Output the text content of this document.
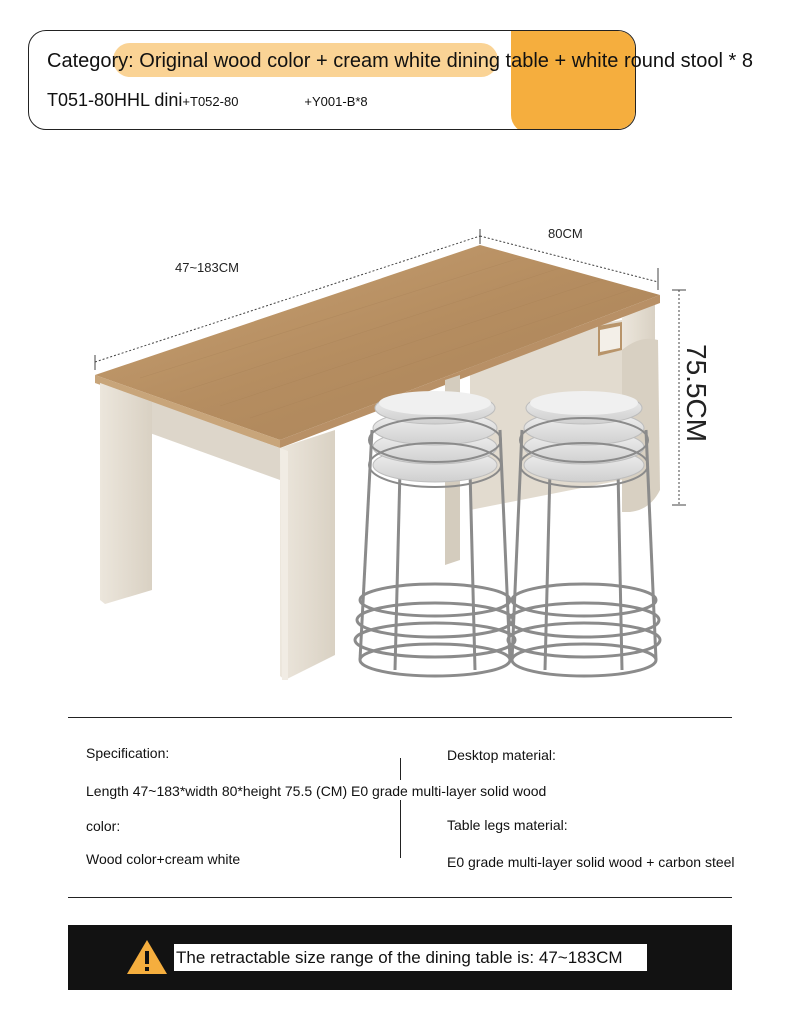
Category: Original wood color + cream white dining table + white round stool * 8
T051-80HHL dini+T052-80	+Y001-B*8
47~183CM
80CM
75.5CM
Specification:
Length 47~183*width 80*height 75.5 (CM) E0 grade multi-layer solid wood
color:
Wood color+cream white
Desktop material:
Table legs material:
E0 grade multi-layer solid wood + carbon steel
The retractable size range of the dining table is: 47~183CM
